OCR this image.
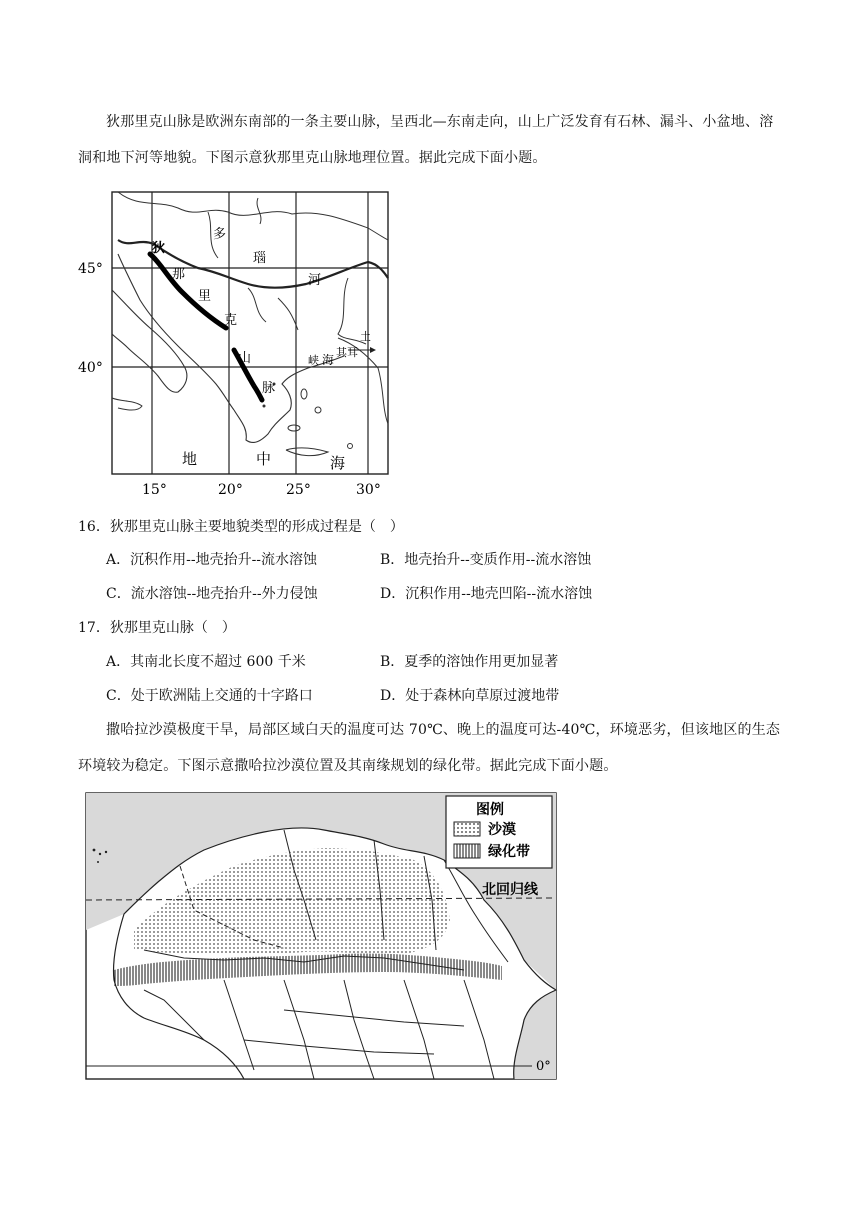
狄那里克山脉是欧洲东南部的一条主要山脉，呈西北—东南走向，山上广泛发育有石林、漏斗、小盆地、溶洞和地下河等地貌。下图示意狄那里克山脉地理位置。据此完成下面小题。
45°
40°
15°	20°	25°	30°
多
瑙
河
狄
那
里
克
山
脉
土
其耳
峡 海
地	中	海
16．狄那里克山脉主要地貌类型的形成过程是（　）
A．沉积作用--地壳抬升--流水溶蚀	B．地壳抬升--变质作用--流水溶蚀
C．流水溶蚀--地壳抬升--外力侵蚀	D．沉积作用--地壳凹陷--流水溶蚀
17．狄那里克山脉（　）
A．其南北长度不超过 600 千米	B．夏季的溶蚀作用更加显著
C．处于欧洲陆上交通的十字路口	D．处于森林向草原过渡地带
撒哈拉沙漠极度干旱，局部区域白天的温度可达 70℃、晚上的温度可达-40℃，环境恶劣，但该地区的生态环境较为稳定。下图示意撒哈拉沙漠位置及其南缘规划的绿化带。据此完成下面小题。
图例
沙漠
绿化带
北回归线
0°
